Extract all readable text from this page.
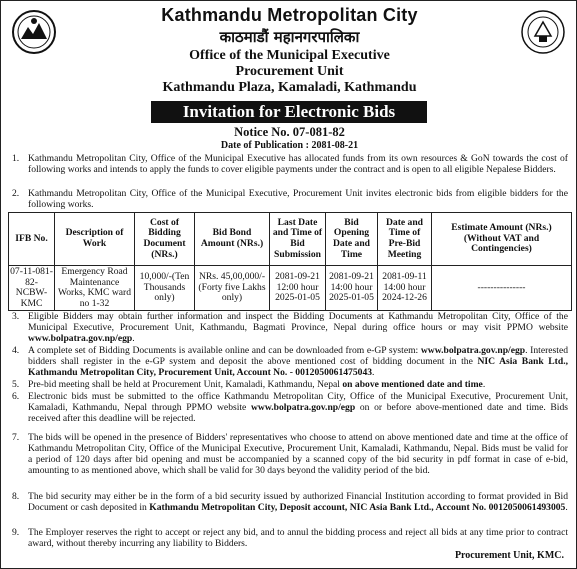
Kathmandu Metropolitan City
काठमाडौं महानगरपालिका
Office of the Municipal Executive
Procurement Unit
Kathmandu Plaza, Kamaladi, Kathmandu
Invitation for Electronic Bids
Notice No. 07-081-82
Date of Publication : 2081-08-21
1. Kathmandu Metropolitan City, Office of the Municipal Executive has allocated funds from its own resources & GoN towards the cost of following works and intends to apply the funds to cover eligible payments under the contract and is open to all eligible Nepalese Bidders.
2. Kathmandu Metropolitan City, Office of the Municipal Executive, Procurement Unit invites electronic bids from eligible bidders for the following works.
IFB No.	Description of Work	Cost of Bidding Document (NRs.)	Bid Bond Amount (NRs.)	Last Date and Time of Bid Submission	Bid Opening Date and Time	Date and Time of Pre-Bid Meeting	Estimate Amount (NRs.) (Without VAT and Contingencies)
07-11-081-82-NCBW-KMC	Emergency Road Maintenance Works, KMC ward no 1-32	10,000/-(Ten Thousands only)	NRs. 45,00,000/- (Forty five Lakhs only)	2081-09-21 12:00 hour 2025-01-05	2081-09-21 14:00 hour 2025-01-05	2081-09-11 14:00 hour 2024-12-26	---------------
3. Eligible Bidders may obtain further information and inspect the Bidding Documents at Kathmandu Metropolitan City, Office of the Municipal Executive, Procurement Unit, Kathmandu, Bagmati Province, Nepal during office hours or may visit PPMO website www.bolpatra.gov.np/egp.
4. A complete set of Bidding Documents is available online and can be downloaded from e-GP system: www.bolpatra.gov.np/egp. Interested bidders shall register in the e-GP system and deposit the above mentioned cost of bidding document in the NIC Asia Bank Ltd., Kathmandu Metropolitan City, Procurement Unit, Account No. - 0012050061475043.
5. Pre-bid meeting shall be held at Procurement Unit, Kamaladi, Kathmandu, Nepal on above mentioned date and time.
6. Electronic bids must be submitted to the office Kathmandu Metropolitan City, Office of the Municipal Executive, Procurement Unit, Kamaladi, Kathmandu, Nepal through PPMO website www.bolpatra.gov.np/egp on or before above-mentioned date and time. Bids received after this deadline will be rejected.
7. The bids will be opened in the presence of Bidders' representatives who choose to attend on above mentioned date and time at the office of Kathmandu Metropolitan City, Office of the Municipal Executive, Procurement Unit, Kamaladi, Kathmandu, Nepal. Bids must be valid for a period of 120 days after bid opening and must be accompanied by a scanned copy of the bid security in pdf format in case of e-bid, amounting to as mentioned above, which shall be valid for 30 days beyond the validity period of the bid.
8. The bid security may either be in the form of a bid security issued by authorized Financial Institution according to format provided in Bid Document or cash deposited in Kathmandu Metropolitan City, Deposit account, NIC Asia Bank Ltd., Account No. 0012050061493005.
9. The Employer reserves the right to accept or reject any bid, and to annul the bidding process and reject all bids at any time prior to contract award, without thereby incurring any liability to Bidders.
Procurement Unit, KMC.
